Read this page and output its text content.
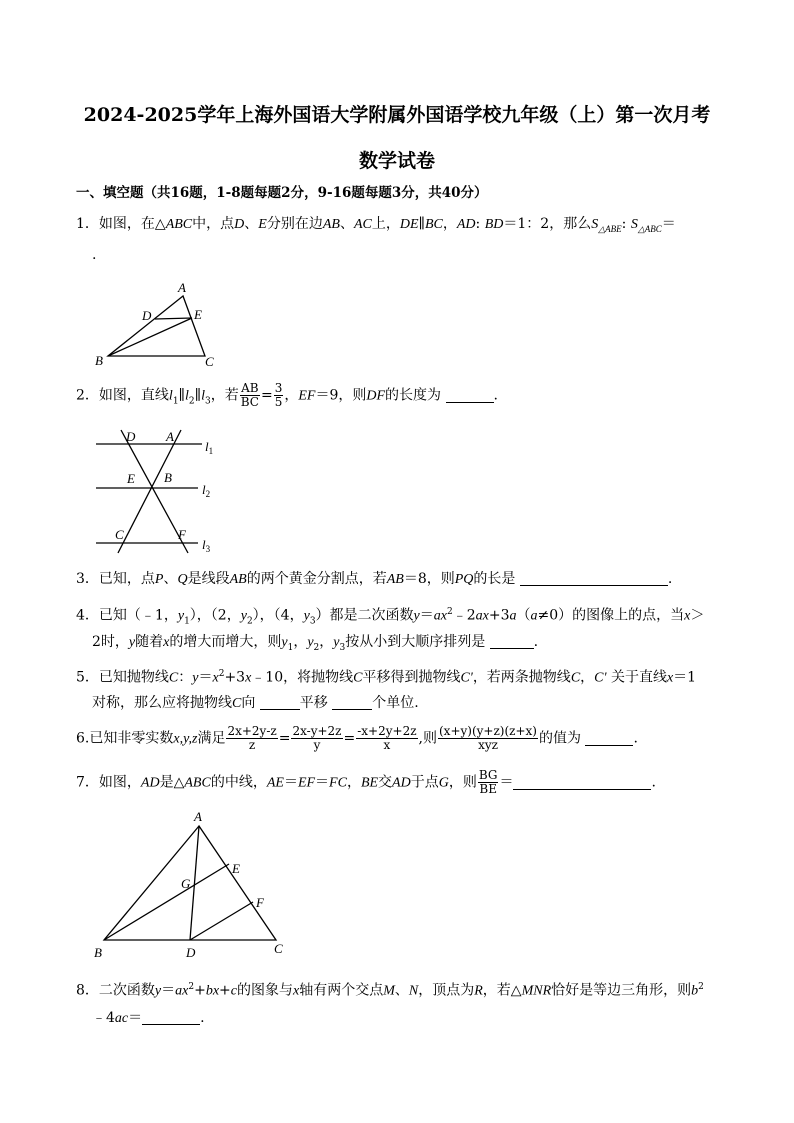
2024-2025学年上海外国语大学附属外国语学校九年级（上）第一次月考
数学试卷
一、填空题（共16题，1-8题每题2分，9-16题每题3分，共40分）
1．如图，在△ABC中，点D、E分别在边AB、AC上，DE∥BC，AD: BD＝1：2，那么$S_{\triangle ABE}$: $S_{\triangle ABC}=$
.
A
D	E
B	C
2．如图，直线$l_1\parallel l_2\parallel l_3$，若 $\frac{AB}{BC} = \frac{3}{5}$ ，EF＝9，则DF的长度为	.
D A
E B
C	F
$l_1$
$l_2$
$l_3$
3．已知，点P、Q是线段AB的两个黄金分割点，若AB＝8，则PQ的长是	.
4．已知（﹣1，$y_1$），（2，$y_2$），（4，$y_3$）都是二次函数$y=ax^2﹣2ax+3a(a\ne 0)$的图像上的点，当x＞
2时，y随着x的增大而增大，则$y_1$，$y_2$，$y_3$按从小到大顺序排列是	.
5．已知抛物线C：$y=x^2+3x﹣10$，将抛物线C平移得到抛物线C'，若两条抛物线C，C' 关于直线x＝1
对称，那么应将抛物线C向	平移	个单位.
6.已知非零实数x,y,z满足 $\frac{2x+2y-z}{z} = \frac{2x-y+2z}{y} = \frac{-x+2y+2z}{x}$ ,则 $\frac{(x+y)(y+z)(z+x)}{\text{xyz}}$ 的值为	.
7．如图，AD是△ABC的中线，AE＝EF＝FC，BE交AD于点G，则 $\frac{BG}{BE}$ ＝	.
A
G
E
F
B	D	C
8．二次函数$y=ax^2+bx+c$的图象与x轴有两个交点M、N，顶点为R，若△MNR恰好是等边三角形，则$b^2$
﹣4ac＝	.
